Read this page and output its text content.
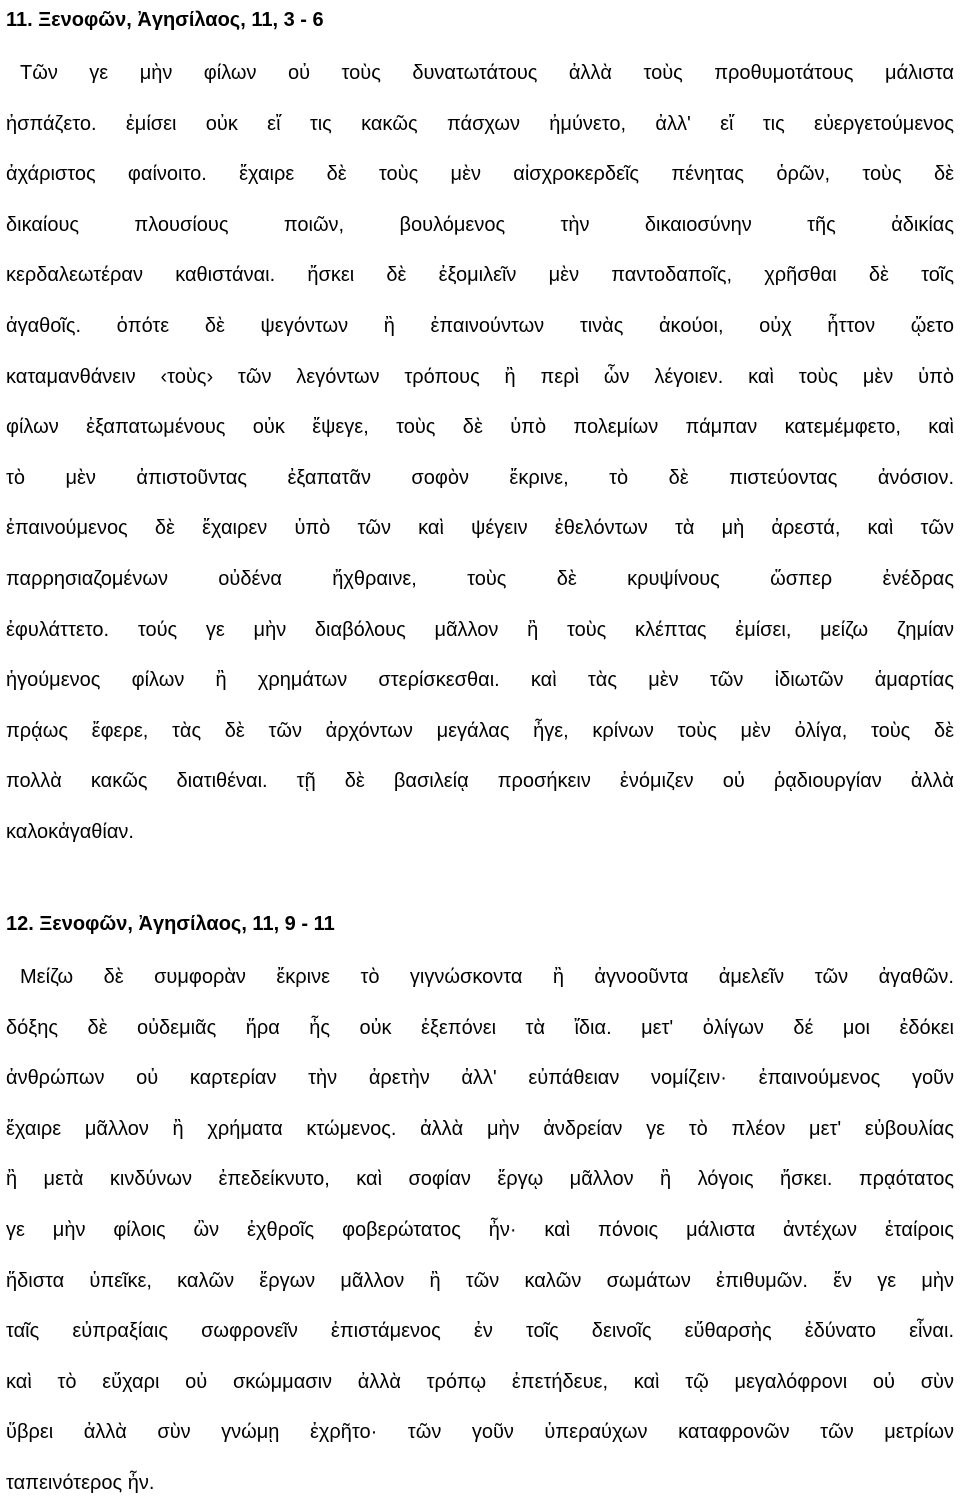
11. Ξενοφῶν, Ἀγησίλαος, 11, 3 - 6
Τῶν γε μὴν φίλων οὐ τοὺς δυνατωτάτους ἀλλὰ τοὺς προθυμοτάτους μάλιστα
ἠσπάζετο. ἐμίσει οὐκ εἴ τις κακῶς πάσχων ἠμύνετο, ἀλλ' εἴ τις εὐεργετούμενος
ἀχάριστος φαίνοιτο. ἔχαιρε δὲ τοὺς μὲν αἰσχροκερδεῖς πένητας ὁρῶν, τοὺς δὲ
δικαίους πλουσίους ποιῶν, βουλόμενος τὴν δικαιοσύνην τῆς ἀδικίας
κερδαλεωτέραν καθιστάναι. ἤσκει δὲ ἐξομιλεῖν μὲν παντοδαποῖς, χρῆσθαι δὲ τοῖς
ἀγαθοῖς. ὁπότε δὲ ψεγόντων ἢ ἐπαινούντων τινὰς ἀκούοι, οὐχ ἧττον ᾤετο
καταμανθάνειν ‹τοὺς› τῶν λεγόντων τρόπους ἢ περὶ ὧν λέγοιεν. καὶ τοὺς μὲν ὑπὸ
φίλων ἐξαπατωμένους οὐκ ἔψεγε, τοὺς δὲ ὑπὸ πολεμίων πάμπαν κατεμέμφετο, καὶ
τὸ μὲν ἀπιστοῦντας ἐξαπατᾶν σοφὸν ἔκρινε, τὸ δὲ πιστεύοντας ἀνόσιον.
ἐπαινούμενος δὲ ἔχαιρεν ὑπὸ τῶν καὶ ψέγειν ἐθελόντων τὰ μὴ ἀρεστά, καὶ τῶν
παρρησιαζομένων οὐδένα ἤχθραινε, τοὺς δὲ κρυψίνους ὥσπερ ἐνέδρας
ἐφυλάττετο. τούς γε μὴν διαβόλους μᾶλλον ἢ τοὺς κλέπτας ἐμίσει, μείζω ζημίαν
ἡγούμενος φίλων ἢ χρημάτων στερίσκεσθαι. καὶ τὰς μὲν τῶν ἰδιωτῶν ἁμαρτίας
πρᾴως ἔφερε, τὰς δὲ τῶν ἀρχόντων μεγάλας ἦγε, κρίνων τοὺς μὲν ὀλίγα, τοὺς δὲ
πολλὰ κακῶς διατιθέναι. τῇ δὲ βασιλείᾳ προσήκειν ἐνόμιζεν οὐ ῥᾳδιουργίαν ἀλλὰ
καλοκἀγαθίαν.
12. Ξενοφῶν, Ἀγησίλαος, 11, 9 - 11
Μείζω δὲ συμφορὰν ἔκρινε τὸ γιγνώσκοντα ἢ ἀγνοοῦντα ἀμελεῖν τῶν ἀγαθῶν.
δόξης δὲ οὐδεμιᾶς ἥρα ἧς οὐκ ἐξεπόνει τὰ ἴδια. μετ' ὀλίγων δέ μοι ἐδόκει
ἀνθρώπων οὐ καρτερίαν τὴν ἀρετὴν ἀλλ' εὐπάθειαν νομίζειν· ἐπαινούμενος γοῦν
ἔχαιρε μᾶλλον ἢ χρήματα κτώμενος. ἀλλὰ μὴν ἀνδρείαν γε τὸ πλέον μετ' εὐβουλίας
ἢ μετὰ κινδύνων ἐπεδείκνυτο, καὶ σοφίαν ἔργῳ μᾶλλον ἢ λόγοις ἤσκει. πρᾳότατος
γε μὴν φίλοις ὢν ἐχθροῖς φοβερώτατος ἦν· καὶ πόνοις μάλιστα ἀντέχων ἑταίροις
ἥδιστα ὑπεῖκε, καλῶν ἔργων μᾶλλον ἢ τῶν καλῶν σωμάτων ἐπιθυμῶν. ἔν γε μὴν
ταῖς εὐπραξίαις σωφρονεῖν ἐπιστάμενος ἐν τοῖς δεινοῖς εὔθαρσὴς ἐδύνατο εἶναι.
καὶ τὸ εὔχαρι οὐ σκώμμασιν ἀλλὰ τρόπῳ ἐπετήδευε, καὶ τῷ μεγαλόφρονι οὐ σὺν
ὕβρει ἀλλὰ σὺν γνώμῃ ἐχρῆτο· τῶν γοῦν ὑπεραύχων καταφρονῶν τῶν μετρίων
ταπεινότερος ἦν.
